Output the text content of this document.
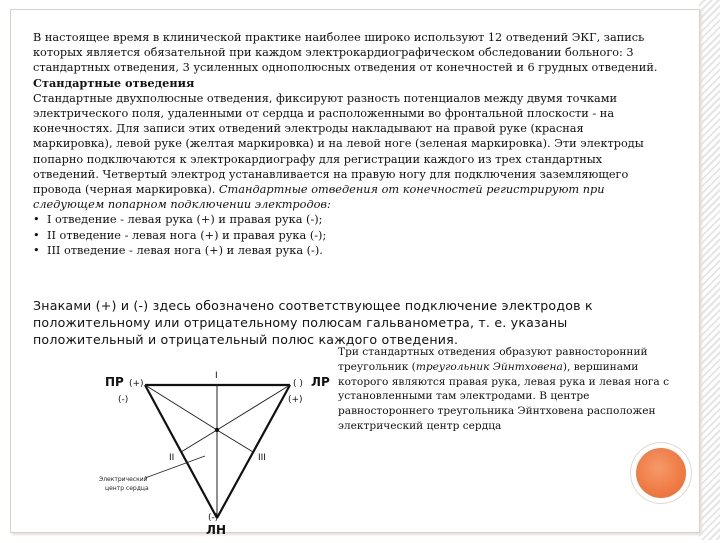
В настоящее время в клинической практике наиболее широко используют 12 отведений ЭКГ, запись которых является обязательной при каждом электрокардиографическом обследовании больного: 3 стандартных отведения, 3 усиленных однополюсных отведения от конечностей и 6 грудных отведений.

Стандартные отведения

Стандартные двухполюсные отведения, фиксируют разность потенциалов между двумя точками электрического поля, удаленными от сердца и расположенными во фронтальной плоскости - на конечностях. Для записи этих отведений электроды накладывают на правой руке (красная маркировка), левой руке (желтая маркировка) и на левой ноге (зеленая маркировка). Эти электроды попарно подключаются к электрокардиографу для регистрации каждого из трех стандартных отведений. Четвертый электрод устанавливается на правую ногу для подключения заземляющего провода (черная маркировка). Стандартные отведения от конечностей регистрируют при следующем попарном подключении электродов:

• I отведение - левая рука (+) и правая рука (-);
• II отведение - левая нога (+) и правая рука (-);
• III отведение - левая нога (+) и левая рука (-).

Знаками (+) и (-) здесь обозначено соответствующее подключение электродов к положительному или отрицательному полюсам гальванометра, т. е. указаны положительный и отрицательный полюс каждого отведения.

Три стандартных отведения образуют равносторонний треугольник (треугольник Эйнтховена), вершинами которого являются правая рука, левая рука и левая нога с установленными там электродами. В центре равностороннего треугольника Эйнтховена расположен электрический центр сердца
ПР (+)
(-)
( ) ЛР
(+)
I
II	III
(-)
ЛН
Электрический
центр сердца
